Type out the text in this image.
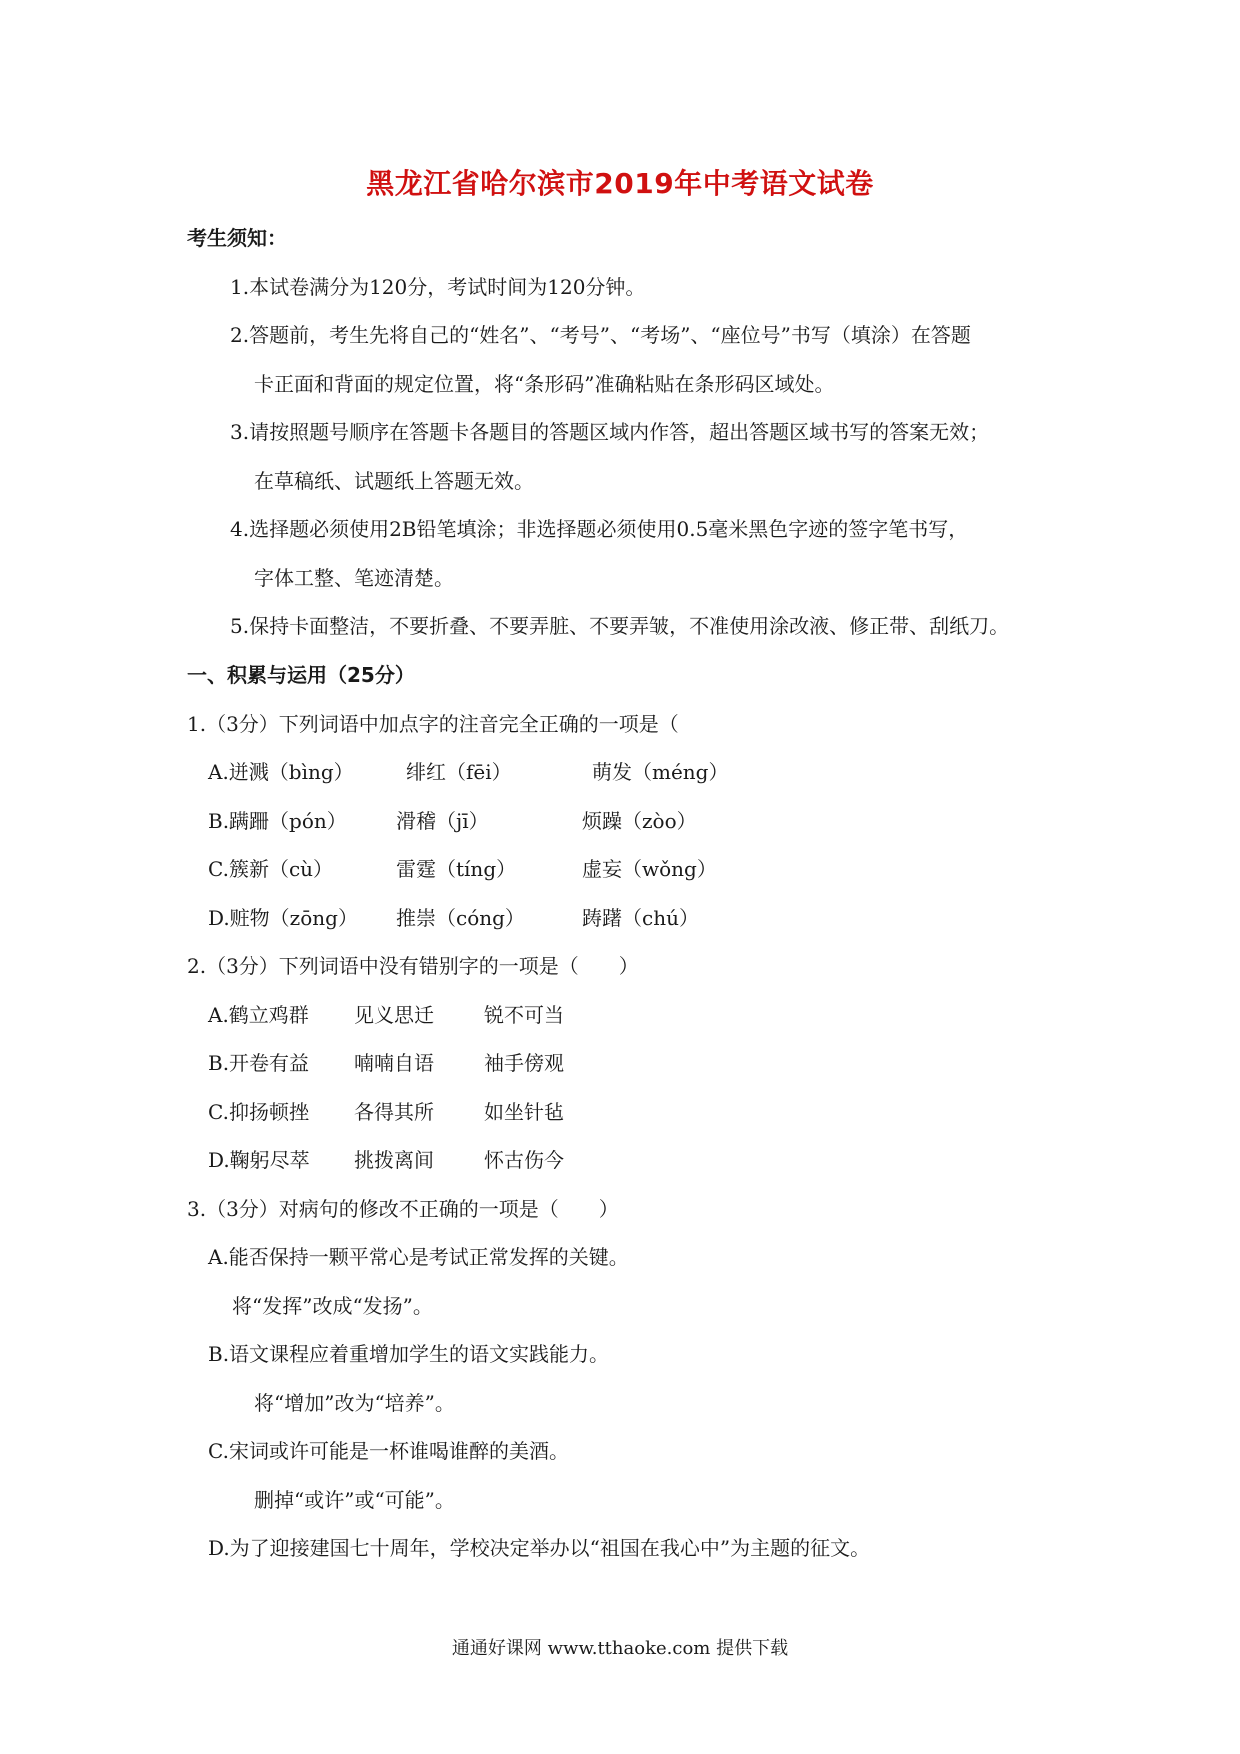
黑龙江省哈尔滨市2019年中考语文试卷
考生须知：
1.本试卷满分为120分，考试时间为120分钟。
2.答题前，考生先将自己的“姓名”、“考号”、“考场”、“座位号”书写（填涂）在答题
卡正面和背面的规定位置，将“条形码”准确粘贴在条形码区域处。
3.请按照题号顺序在答题卡各题目的答题区域内作答，超出答题区域书写的答案无效；
在草稿纸、试题纸上答题无效。
4.选择题必须使用2B铅笔填涂；非选择题必须使用0.5毫米黑色字迹的签字笔书写，
字体工整、笔迹清楚。
5.保持卡面整洁，不要折叠、不要弄脏、不要弄皱，不准使用涂改液、修正带、刮纸刀。
一、积累与运用（25分）
1.（3分）下列词语中加点字的注音完全正确的一项是（
A.迸溅（bìng）	绯红（fēi）	萌发（méng）
B.蹒跚（pón） 滑稽（jī）	烦躁（zòo）
C.簇新（cù）	雷霆（tíng）	虚妄（wǒng）
D.赃物（zōng） 推崇（cóng）	踌躇（chú）
2.（3分）下列词语中没有错别字的一项是（　　）
A.鹤立鸡群 见义思迁	锐不可当
B.开卷有益 喃喃自语	袖手傍观
C.抑扬顿挫 各得其所	如坐针毡
D.鞠躬尽萃 挑拨离间	怀古伤今
3.（3分）对病句的修改不正确的一项是（　　）
A.能否保持一颗平常心是考试正常发挥的关键。
将“发挥”改成“发扬”。
B.语文课程应着重增加学生的语文实践能力。
将“增加”改为“培养”。
C.宋词或许可能是一杯谁喝谁醉的美酒。
删掉“或许”或“可能”。
D.为了迎接建国七十周年，学校决定举办以“祖国在我心中”为主题的征文。
通通好课网 www.tthaoke.com 提供下载
